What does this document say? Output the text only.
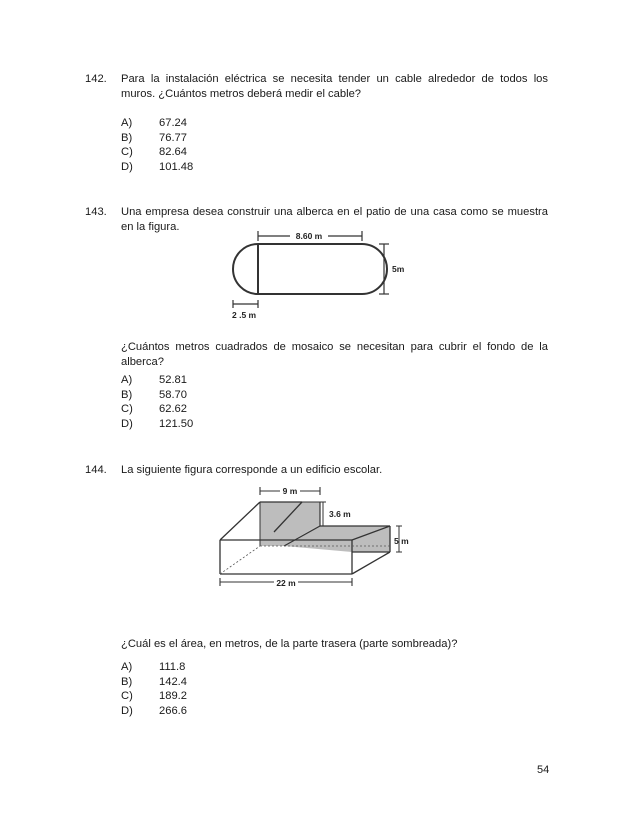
142. Para la instalación eléctrica se necesita tender un cable alrededor de todos los muros. ¿Cuántos metros deberá medir el cable?
A) 67.24
B) 76.77
C) 82.64
D) 101.48
143. Una empresa desea construir una alberca en el patio de una casa como se muestra en la figura.
8.60 m
5m
2 .5 m
¿Cuántos metros cuadrados de mosaico se necesitan para cubrir el fondo de la alberca?
A) 52.81
B) 58.70
C) 62.62
D) 121.50
144. La siguiente figura corresponde a un edificio escolar.
9 m
3.6 m
5 m
22 m
¿Cuál es el área, en metros, de la parte trasera (parte sombreada)?
A) 111.8
B) 142.4
C) 189.2
D) 266.6
54
